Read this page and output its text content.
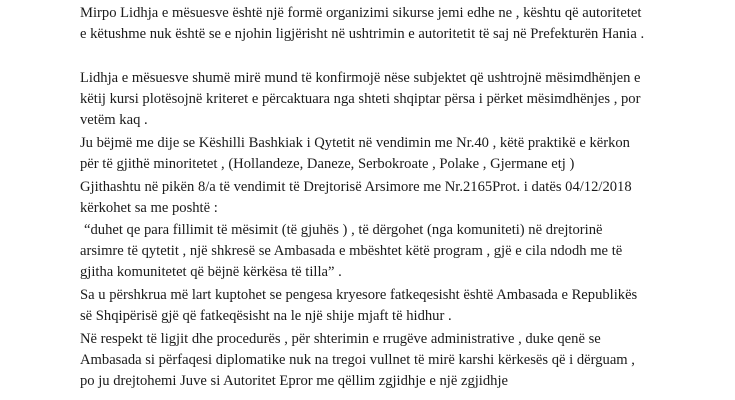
Mirpo Lidhja e mësuesve është një formë organizimi sikurse jemi edhe ne , kështu që autoritetet
e këtushme nuk është se e njohin ligjërisht në ushtrimin e autoritetit të saj në Prefekturën Hania .

Lidhja e mësuesve shumë mirë mund të konfirmojë nëse subjektet që ushtrojnë mësimdhënjen e
këtij kursi plotësojnë kriteret e përcaktuara nga shteti shqiptar përsa i përket mësimdhënjes , por
vetëm kaq .

Ju bëjmë me dije se Këshilli Bashkiak i Qytetit në vendimin me Nr.40 , këtë praktikë e kërkon
për të gjithë minoritetet , (Hollandeze, Daneze, Serbokroate , Polake , Gjermane etj )

Gjithashtu në pikën 8/a të vendimit të Drejtorisë Arsimore me Nr.2165Prot. i datës 04/12/2018
kërkohet sa me poshtë :

“duhet qe para fillimit të mësimit (të gjuhës ) , të dërgohet (nga komuniteti) në drejtorinë
arsimre të qytetit , një shkresë se Ambasada e mbështet këtë program , gjë e cila ndodh me të
gjitha komunitetet që bëjnë kërkësa të tilla” .

Sa u përshkrua më lart kuptohet se pengesa kryesore fatkeqesisht është Ambasada e Republikës
së Shqipërisë gjë që fatkeqësisht na le një shije mjaft të hidhur .

Në respekt të ligjit dhe procedurës , për shterimin e rrugëve administrative , duke qenë se
Ambasada si përfaqesi diplomatike nuk na tregoi vullnet të mirë karshi kërkesës që i dërguam ,
po ju drejtohemi Juve si Autoritet Epror me qëllim zgjidhje e një zgjidhje
